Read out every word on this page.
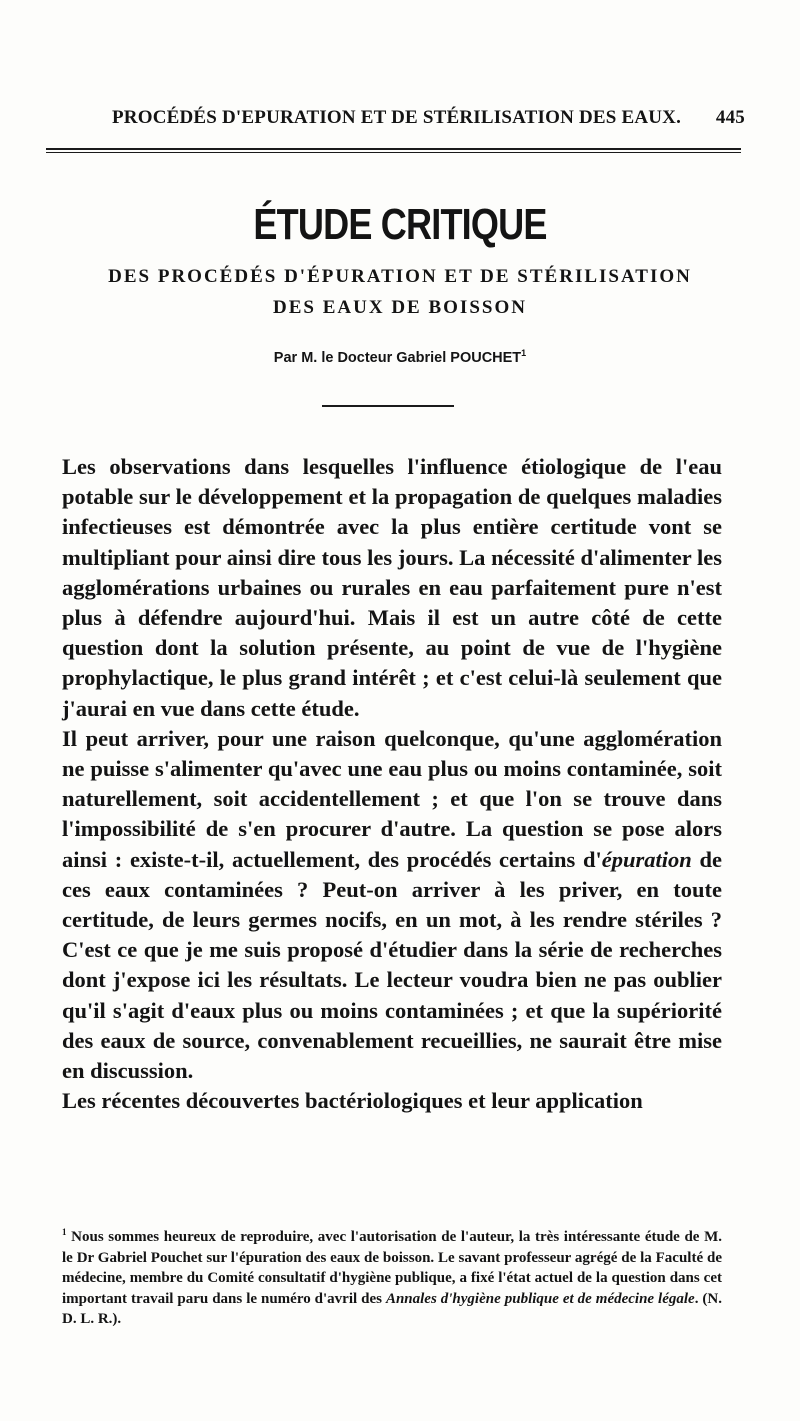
PROCÉDÉS D'EPURATION ET DE STÉRILISATION DES EAUX. 445
ÉTUDE CRITIQUE
DES PROCÉDÉS D'ÉPURATION ET DE STÉRILISATION
DES EAUX DE BOISSON
Par M. le Docteur Gabriel POUCHET$^1$

Les observations dans lesquelles l'influence étiologique de l'eau potable sur le développement et la propagation de quelques maladies infectieuses est démontrée avec la plus entière certitude vont se multipliant pour ainsi dire tous les jours. La nécessité d'alimenter les agglomérations urbaines ou rurales en eau parfaitement pure n'est plus à défendre aujourd'hui. Mais il est un autre côté de cette question dont la solution présente, au point de vue de l'hygiène prophylactique, le plus grand intérêt ; et c'est celui-là seulement que j'aurai en vue dans cette étude.

Il peut arriver, pour une raison quelconque, qu'une agglomération ne puisse s'alimenter qu'avec une eau plus ou moins contaminée, soit naturellement, soit accidentellement ; et que l'on se trouve dans l'impossibilité de s'en procurer d'autre. La question se pose alors ainsi : existe-t-il, actuellement, des procédés certains d'épuration de ces eaux contaminées ? Peut-on arriver à les priver, en toute certitude, de leurs germes nocifs, en un mot, à les rendre stériles ? C'est ce que je me suis proposé d'étudier dans la série de recherches dont j'expose ici les résultats. Le lecteur voudra bien ne pas oublier qu'il s'agit d'eaux plus ou moins contaminées ; et que la supériorité des eaux de source, convenablement recueillies, ne saurait être mise en discussion.

Les récentes découvertes bactériologiques et leur application

$^1$ Nous sommes heureux de reproduire, avec l'autorisation de l'auteur, la très intéressante étude de M. le Dr Gabriel Pouchet sur l'épuration des eaux de boisson. Le savant professeur agrégé de la Faculté de médecine, membre du Comité consultatif d'hygiène publique, a fixé l'état actuel de la question dans cet important travail paru dans le numéro d'avril des Annales d'hygiène publique et de médecine légale. (N. D. L. R.).
